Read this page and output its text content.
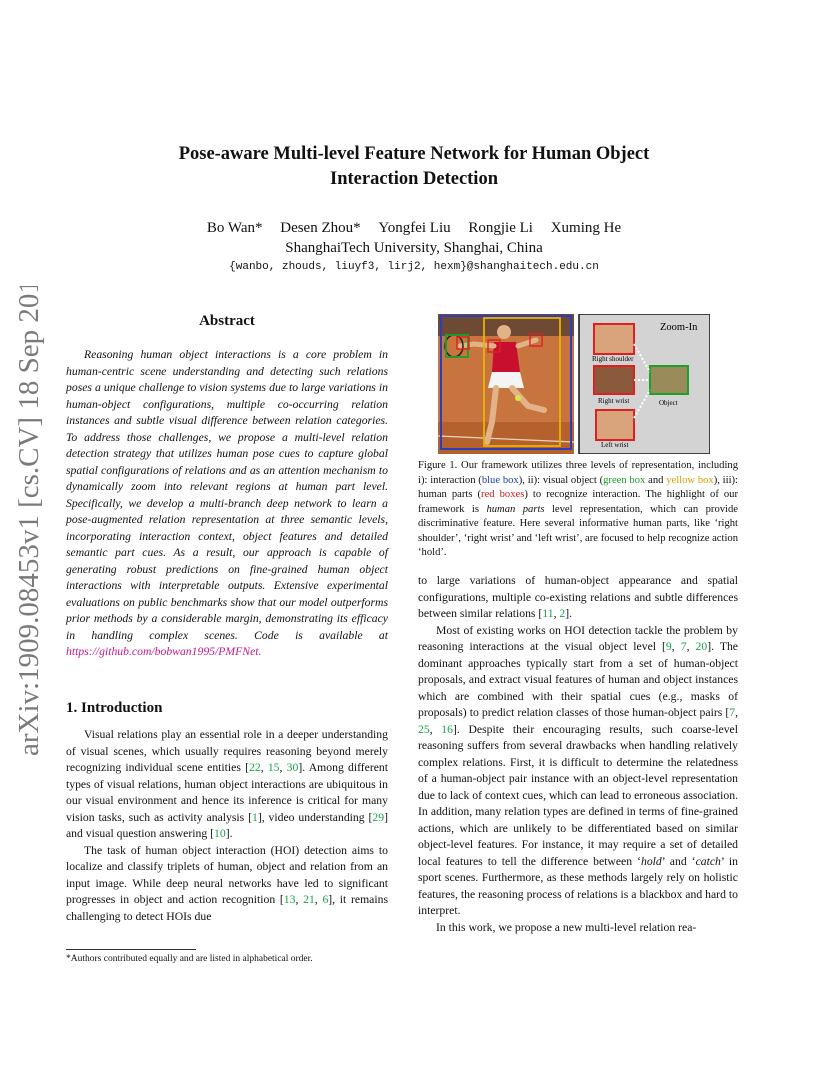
arXiv:1909.08453v1 [cs.CV] 18 Sep 2019
Pose-aware Multi-level Feature Network for Human Object
Interaction Detection
Bo Wan* Desen Zhou* Yongfei Liu Rongjie Li Xuming He
ShanghaiTech University, Shanghai, China
{wanbo, zhouds, liuyf3, lirj2, hexm}@shanghaitech.edu.cn
Abstract

Reasoning human object interactions is a core problem in human-centric scene understanding and detecting such relations poses a unique challenge to vision systems due to large variations in human-object configurations, multiple co-occurring relation instances and subtle visual difference between relation categories. To address those challenges, we propose a multi-level relation detection strategy that utilizes human pose cues to capture global spatial configurations of relations and as an attention mechanism to dynamically zoom into relevant regions at human part level. Specifically, we develop a multi-branch deep network to learn a pose-augmented relation representation at three semantic levels, incorporating interaction context, object features and detailed semantic part cues. As a result, our approach is capable of generating robust predictions on fine-grained human object interactions with interpretable outputs. Extensive experimental evaluations on public benchmarks show that our model outperforms prior methods by a considerable margin, demonstrating its efficacy in handling complex scenes. Code is available at https://github.com/bobwan1995/PMFNet.

1. Introduction

Visual relations play an essential role in a deeper understanding of visual scenes, which usually requires reasoning beyond merely recognizing individual scene entities [22, 15, 30]. Among different types of visual relations, human object interactions are ubiquitous in our visual environment and hence its inference is critical for many vision tasks, such as activity analysis [1], video understanding [29] and visual question answering [10].

The task of human object interaction (HOI) detection aims to localize and classify triplets of human, object and relation from an input image. While deep neural networks have led to significant progresses in object and action recognition [13, 21, 6], it remains challenging to detect HOIs due

*Authors contributed equally and are listed in alphabetical order.
Zoom-In
Right shoulder
Right wrist	Object
Left wrist
Figure 1. Our framework utilizes three levels of representation, including i): interaction (blue box), ii): visual object (green box and yellow box), iii): human parts (red boxes) to recognize interaction. The highlight of our framework is human parts level representation, which can provide discriminative feature. Here several informative human parts, like ‘right shoulder’, ‘right wrist’ and ‘left wrist’, are focused to help recognize action ‘hold’.

to large variations of human-object appearance and spatial configurations, multiple co-existing relations and subtle differences between similar relations [11, 2].

Most of existing works on HOI detection tackle the problem by reasoning interactions at the visual object level [9, 7, 20]. The dominant approaches typically start from a set of human-object proposals, and extract visual features of human and object instances which are combined with their spatial cues (e.g., masks of proposals) to predict relation classes of those human-object pairs [7, 25, 16]. Despite their encouraging results, such coarse-level reasoning suffers from several drawbacks when handling relatively complex relations. First, it is difficult to determine the relatedness of a human-object pair instance with an object-level representation due to lack of context cues, which can lead to erroneous association. In addition, many relation types are defined in terms of fine-grained actions, which are unlikely to be differentiated based on similar object-level features. For instance, it may require a set of detailed local features to tell the difference between ‘hold’ and ‘catch’ in sport scenes. Furthermore, as these methods largely rely on holistic features, the reasoning process of relations is a blackbox and hard to interpret.

In this work, we propose a new multi-level relation rea-
